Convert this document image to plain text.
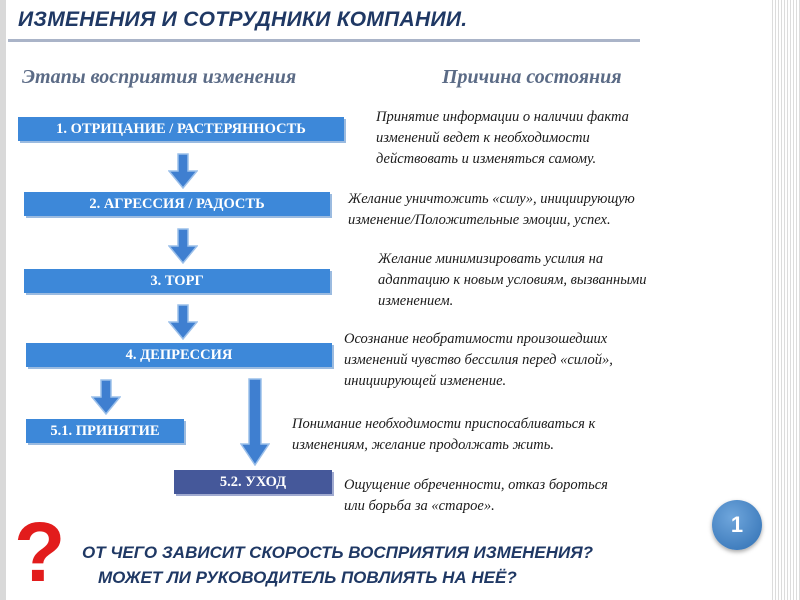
ИЗМЕНЕНИЯ И СОТРУДНИКИ КОМПАНИИ.
Этапы восприятия изменения	Причина состояния
1. ОТРИЦАНИЕ / РАСТЕРЯННОСТЬ
2. АГРЕССИЯ / РАДОСТЬ
3. ТОРГ
4. ДЕПРЕССИЯ
5.1. ПРИНЯТИЕ
5.2. УХОД
Принятие информации о наличии факта
изменений ведет к необходимости
действовать и изменяться самому.
Желание уничтожить «силу», инициирующую
изменение/Положительные эмоции, успех.
Желание минимизировать усилия на
адаптацию к новым условиям, вызванными
изменением.
Осознание необратимости произошедших
изменений чувство бессилия перед «силой»,
инициирующей изменение.
Понимание необходимости приспосабливаться к
изменениям, желание продолжать жить.
Ощущение обреченности, отказ бороться
или борьба за «старое».
? ОТ ЧЕГО ЗАВИСИТ СКОРОСТЬ ВОСПРИЯТИЯ ИЗМЕНЕНИЯ?
МОЖЕТ ЛИ РУКОВОДИТЕЛЬ ПОВЛИЯТЬ НА НЕЁ?
1
